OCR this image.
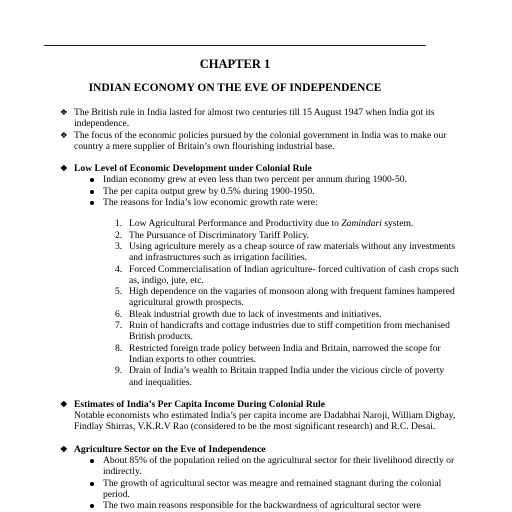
CHAPTER 1
INDIAN ECONOMY ON THE EVE OF INDEPENDENCE
❖ The British rule in India lasted for almost two centuries till 15 August 1947 when India got its independence.
❖ The focus of the economic policies pursued by the colonial government in India was to make our country a mere supplier of Britain’s own flourishing industrial base.
❖ Low Level of Economic Development under Colonial Rule
Indian economy grew at even less than two percent per annum during 1900-50.
The per capita output grew by 0.5% during 1900-1950.
The reasons for India’s low economic growth rate were:
1. Low Agricultural Performance and Productivity due to Zamindari system.
2. The Pursuance of Discriminatory Tariff Policy.
3. Using agriculture merely as a cheap source of raw materials without any investments and infrastructures such as irrigation facilities.
4. Forced Commercialisation of Indian agriculture- forced cultivation of cash crops such as, indigo, jute, etc.
5. High dependence on the vagaries of monsoon along with frequent famines hampered agricultural growth prospects.
6. Bleak industrial growth due to lack of investments and initiatives.
7. Ruin of handicrafts and cottage industries due to stiff competition from mechanised British products.
8. Restricted foreign trade policy between India and Britain, narrowed the scope for Indian exports to other countries.
9. Drain of India’s wealth to Britain trapped India under the vicious circle of poverty and inequalities.
❖ Estimates of India’s Per Capita Income During Colonial Rule
Notable economists who estimated India’s per capita income are Dadabhai Naroji, William Digbay, Findlay Shirras, V.K.R.V Rao (considered to be the most significant research) and R.C. Desai.
❖ Agriculture Sector on the Eve of Independence
About 85% of the population relied on the agricultural sector for their livelihood directly or indirectly.
The growth of agricultural sector was meagre and remained stagnant during the colonial period.
The two main reasons responsible for the backwardness of agricultural sector were
